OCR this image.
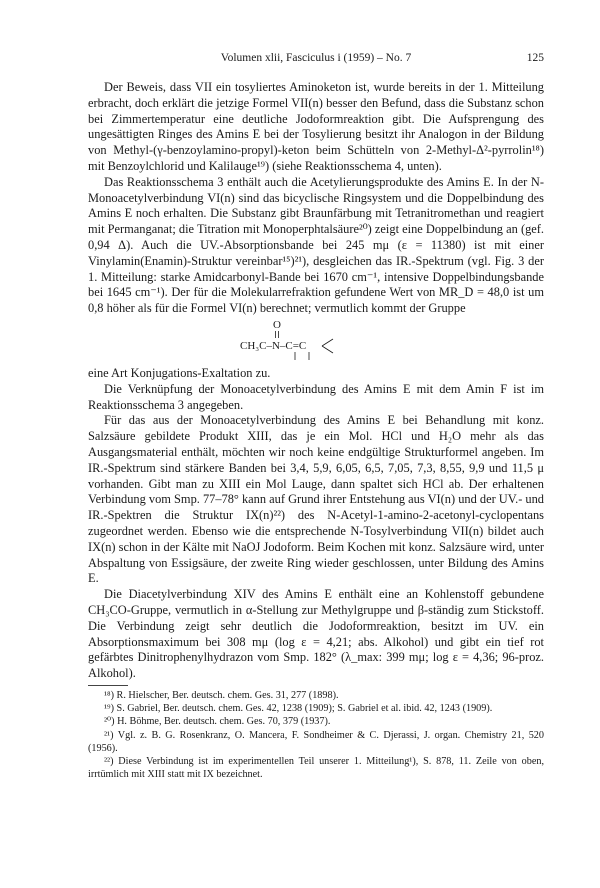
Volumen xlii, Fasciculus i (1959) – No. 7	125

Der Beweis, dass VII ein tosyliertes Aminoketon ist, wurde bereits in der 1. Mitteilung erbracht, doch erklärt die jetzige Formel VII(n) besser den Befund, dass die Substanz schon bei Zimmertemperatur eine deutliche Jodoformreaktion gibt. Die Aufsprengung des ungesättigten Ringes des Amins E bei der Tosylierung besitzt ihr Analogon in der Bildung von Methyl-(γ-benzoylamino-propyl)-keton beim Schütteln von 2-Methyl-Δ²-pyrrolin¹⁸) mit Benzoylchlorid und Kalilauge¹⁹) (siehe Reaktionsschema 4, unten).

Das Reaktionsschema 3 enthält auch die Acetylierungsprodukte des Amins E. In der N-Monoacetylverbindung VI(n) sind das bicyclische Ringsystem und die Doppelbindung des Amins E noch erhalten. Die Substanz gibt Braunfärbung mit Tetranitromethan und reagiert mit Permanganat; die Titration mit Monoperphtalsäure²⁰) zeigt eine Doppelbindung an (gef. 0,94 Δ). Auch die UV.-Absorptionsbande bei 245 mμ (ε = 11380) ist mit einer Vinylamin(Enamin)-Struktur vereinbar¹⁵)²¹), desgleichen das IR.-Spektrum (vgl. Fig. 3 der 1. Mitteilung: starke Amidcarbonyl-Bande bei 1670 cm⁻¹, intensive Doppelbindungsbande bei 1645 cm⁻¹). Der für die Molekularrefraktion gefundene Wert von MR_D = 48,0 ist um 0,8 höher als für die Formel VI(n) berechnet; vermutlich kommt der Gruppe

O
CH₃C–N–C=C

eine Art Konjugations-Exaltation zu.

Die Verknüpfung der Monoacetylverbindung des Amins E mit dem Amin F ist im Reaktionsschema 3 angegeben.

Für das aus der Monoacetylverbindung des Amins E bei Behandlung mit konz. Salzsäure gebildete Produkt XIII, das je ein Mol. HCl und H₂O mehr als das Ausgangsmaterial enthält, möchten wir noch keine endgültige Strukturformel angeben. Im IR.-Spektrum sind stärkere Banden bei 3,4, 5,9, 6,05, 6,5, 7,05, 7,3, 8,55, 9,9 und 11,5 μ vorhanden. Gibt man zu XIII ein Mol Lauge, dann spaltet sich HCl ab. Der erhaltenen Verbindung vom Smp. 77–78° kann auf Grund ihrer Entstehung aus VI(n) und der UV.- und IR.-Spektren die Struktur IX(n)²²) des N-Acetyl-1-amino-2-acetonyl-cyclopentans zugeordnet werden. Ebenso wie die entsprechende N-Tosylverbindung VII(n) bildet auch IX(n) schon in der Kälte mit NaOJ Jodoform. Beim Kochen mit konz. Salzsäure wird, unter Abspaltung von Essigsäure, der zweite Ring wieder geschlossen, unter Bildung des Amins E.

Die Diacetylverbindung XIV des Amins E enthält eine an Kohlenstoff gebundene CH₃CO-Gruppe, vermutlich in α-Stellung zur Methylgruppe und β-ständig zum Stickstoff. Die Verbindung zeigt sehr deutlich die Jodoformreaktion, besitzt im UV. ein Absorptionsmaximum bei 308 mμ (log ε = 4,21; abs. Alkohol) und gibt ein tief rot gefärbtes Dinitrophenylhydrazon vom Smp. 182° (λ_max: 399 mμ; log ε = 4,36; 96-proz. Alkohol).

¹⁸) R. Hielscher, Ber. deutsch. chem. Ges. 31, 277 (1898).

¹⁹) S. Gabriel, Ber. deutsch. chem. Ges. 42, 1238 (1909); S. Gabriel et al. ibid. 42, 1243 (1909).

²⁰) H. Böhme, Ber. deutsch. chem. Ges. 70, 379 (1937).

²¹) Vgl. z. B. G. Rosenkranz, O. Mancera, F. Sondheimer & C. Djerassi, J. organ. Chemistry 21, 520 (1956).

²²) Diese Verbindung ist im experimentellen Teil unserer 1. Mitteilung¹), S. 878, 11. Zeile von oben, irrtümlich mit XIII statt mit IX bezeichnet.
